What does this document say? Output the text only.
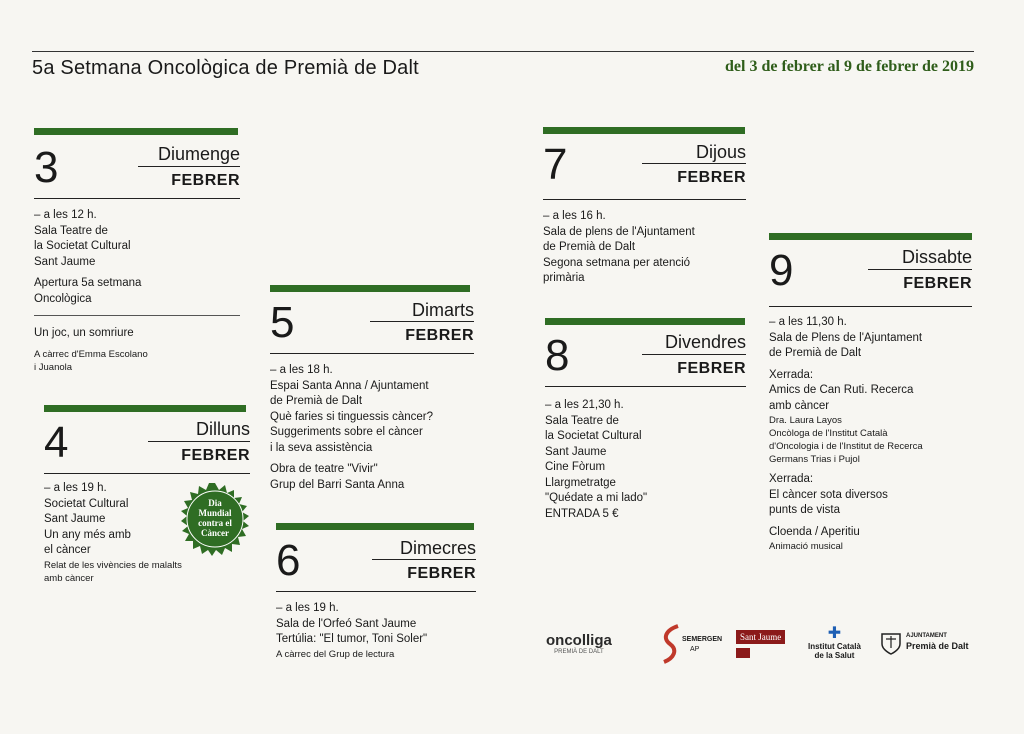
5a Setmana Oncològica de Premià de Dalt	del 3 de febrer al 9 de febrer de 2019
3	Diumenge
FEBRER
– a les 12 h.
Sala Teatre de
la Societat Cultural
Sant Jaume
Apertura 5a setmana
Oncològica
Un joc, un somriure
A càrrec d'Emma Escolano
i Juanola
4	Dilluns
FEBRER
– a les 19 h.
Societat Cultural
Sant Jaume
Un any més amb
el càncer
Relat de les vivències de malalts
amb càncer
Dia
Mundial
contra el
Càncer
5	Dimarts
FEBRER
– a les 18 h.
Espai Santa Anna / Ajuntament
de Premià de Dalt
Què faries si tinguessis càncer?
Suggeriments sobre el càncer
i la seva assistència
Obra de teatre "Vivir"
Grup del Barri Santa Anna
6	Dimecres
FEBRER
– a les 19 h.
Sala de l'Orfeó Sant Jaume
Tertúlia: "El tumor, Toni Soler"
A càrrec del Grup de lectura
7	Dijous
FEBRER
– a les 16 h.
Sala de plens de l'Ajuntament
de Premià de Dalt
Segona setmana per atenció
primària
8	Divendres
FEBRER
– a les 21,30 h.
Sala Teatre de
la Societat Cultural
Sant Jaume
Cine Fòrum
Llargmetratge
"Quédate a mi lado"
ENTRADA 5 €
9	Dissabte
FEBRER
– a les 11,30 h.
Sala de Plens de l'Ajuntament
de Premià de Dalt
Xerrada:
Amics de Can Ruti. Recerca
amb càncer
Dra. Laura Layos
Oncòloga de l'Institut Català
d'Oncologia i de l'Institut de Recerca
Germans Trias i Pujol
Xerrada:
El càncer sota diversos
punts de vista
Cloenda / Aperitiu
Animació musical
oncolliga
PREMIÀ DE DALT
SEMERGEN
AP
Sant Jaume	✚
Institut Català
de la Salut
AJUNTAMENT
Premià de Dalt
